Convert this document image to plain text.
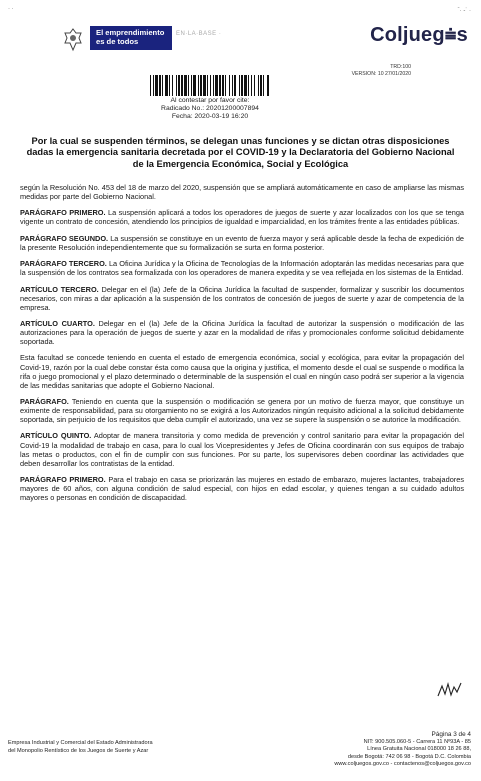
· ·	ˉ· -˙ ·
El emprendimiento
es de todos
EN·LA·BASE ·	Coljueg⩧s
TRD:100
VERSION: 10 27/01/2020
Al contestar por favor cite:
Radicado No.: 20201200007894
Fecha: 2020-03-19 16:20
Por la cual se suspenden términos, se delegan unas funciones y se dictan otras disposiciones dadas la emergencia sanitaria decretada por el COVID-19 y la Declaratoria del Gobierno Nacional de la Emergencia Económica, Social y Ecológica

según la Resolución No. 453 del 18 de marzo del 2020, suspensión que se ampliará automáticamente en caso de ampliarse las mismas medidas por parte del Gobierno Nacional.

PARÁGRAFO PRIMERO. La suspensión aplicará a todos los operadores de juegos de suerte y azar localizados con los que se tenga vigente un contrato de concesión, atendiendo los principios de igualdad e imparcialidad, en los trámites frente a las entidades públicas.

PARÁGRAFO SEGUNDO. La suspensión se constituye en un evento de fuerza mayor y será aplicable desde la fecha de expedición de la presente Resolución independientemente que su formalización se surta en forma posterior.

PARÁGRAFO TERCERO. La Oficina Jurídica y la Oficina de Tecnologías de la Información adoptarán las medidas necesarias para que la suspensión de los contratos sea formalizada con los operadores de manera expedita y se vea reflejada en los sistemas de la Entidad.

ARTÍCULO TERCERO. Delegar en el (la) Jefe de la Oficina Jurídica la facultad de suspender, formalizar y suscribir los documentos necesarios, con miras a dar aplicación a la suspensión de los contratos de concesión de juegos de suerte y azar de competencia de la empresa.

ARTÍCULO CUARTO. Delegar en el (la) Jefe de la Oficina Jurídica la facultad de autorizar la suspensión o modificación de las autorizaciones para la operación de juegos de suerte y azar en la modalidad de rifas y promocionales conforme solicitud debidamente soportada.

Esta facultad se concede teniendo en cuenta el estado de emergencia económica, social y ecológica, para evitar la propagación del Covid-19, razón por la cual debe constar ésta como causa que la origina y justifica, el momento desde el cual se suspende o modifica la rifa o juego promocional y el plazo determinado o determinable de la suspensión el cual en ningún caso podrá ser superior a la vigencia de las medidas sanitarias que adopte el Gobierno Nacional.

PARÁGRAFO. Teniendo en cuenta que la suspensión o modificación se genera por un motivo de fuerza mayor, que constituye un eximente de responsabilidad, para su otorgamiento no se exigirá a los Autorizados ningún requisito adicional a la solicitud debidamente soportada, sin perjuicio de los requisitos que deba cumplir el autorizado, una vez se supere la suspensión o se autorice la modificación.

ARTÍCULO QUINTO. Adoptar de manera transitoria y como medida de prevención y control sanitario para evitar la propagación del Covid-19 la modalidad de trabajo en casa, para lo cual los Vicepresidentes y Jefes de Oficina coordinarán con sus equipos de trabajo las metas o productos, con el fin de cumplir con sus funciones. Por su parte, los supervisores deben coordinar las actividades que deben desarrollar los contratistas de la entidad.

PARÁGRAFO PRIMERO. Para el trabajo en casa se priorizarán las mujeres en estado de embarazo, mujeres lactantes, trabajadores mayores de 60 años, con alguna condición de salud especial, con hijos en edad escolar, y quienes tengan a su cuidado adultos mayores o personas en condición de discapacidad.

Empresa Industrial y Comercial del Estado Administradora
del Monopolio Rentístico de los Juegos de Suerte y Azar
Página 3 de 4
NIT: 900.505.060-5 - Carrera 11 Nº93A - 85
Línea Gratuita Nacional 018000 18 26 88,
desde Bogotá: 742 06 98 - Bogotá D.C. Colombia
www.coljuegos.gov.co - contactenos@coljuegos.gov.co
